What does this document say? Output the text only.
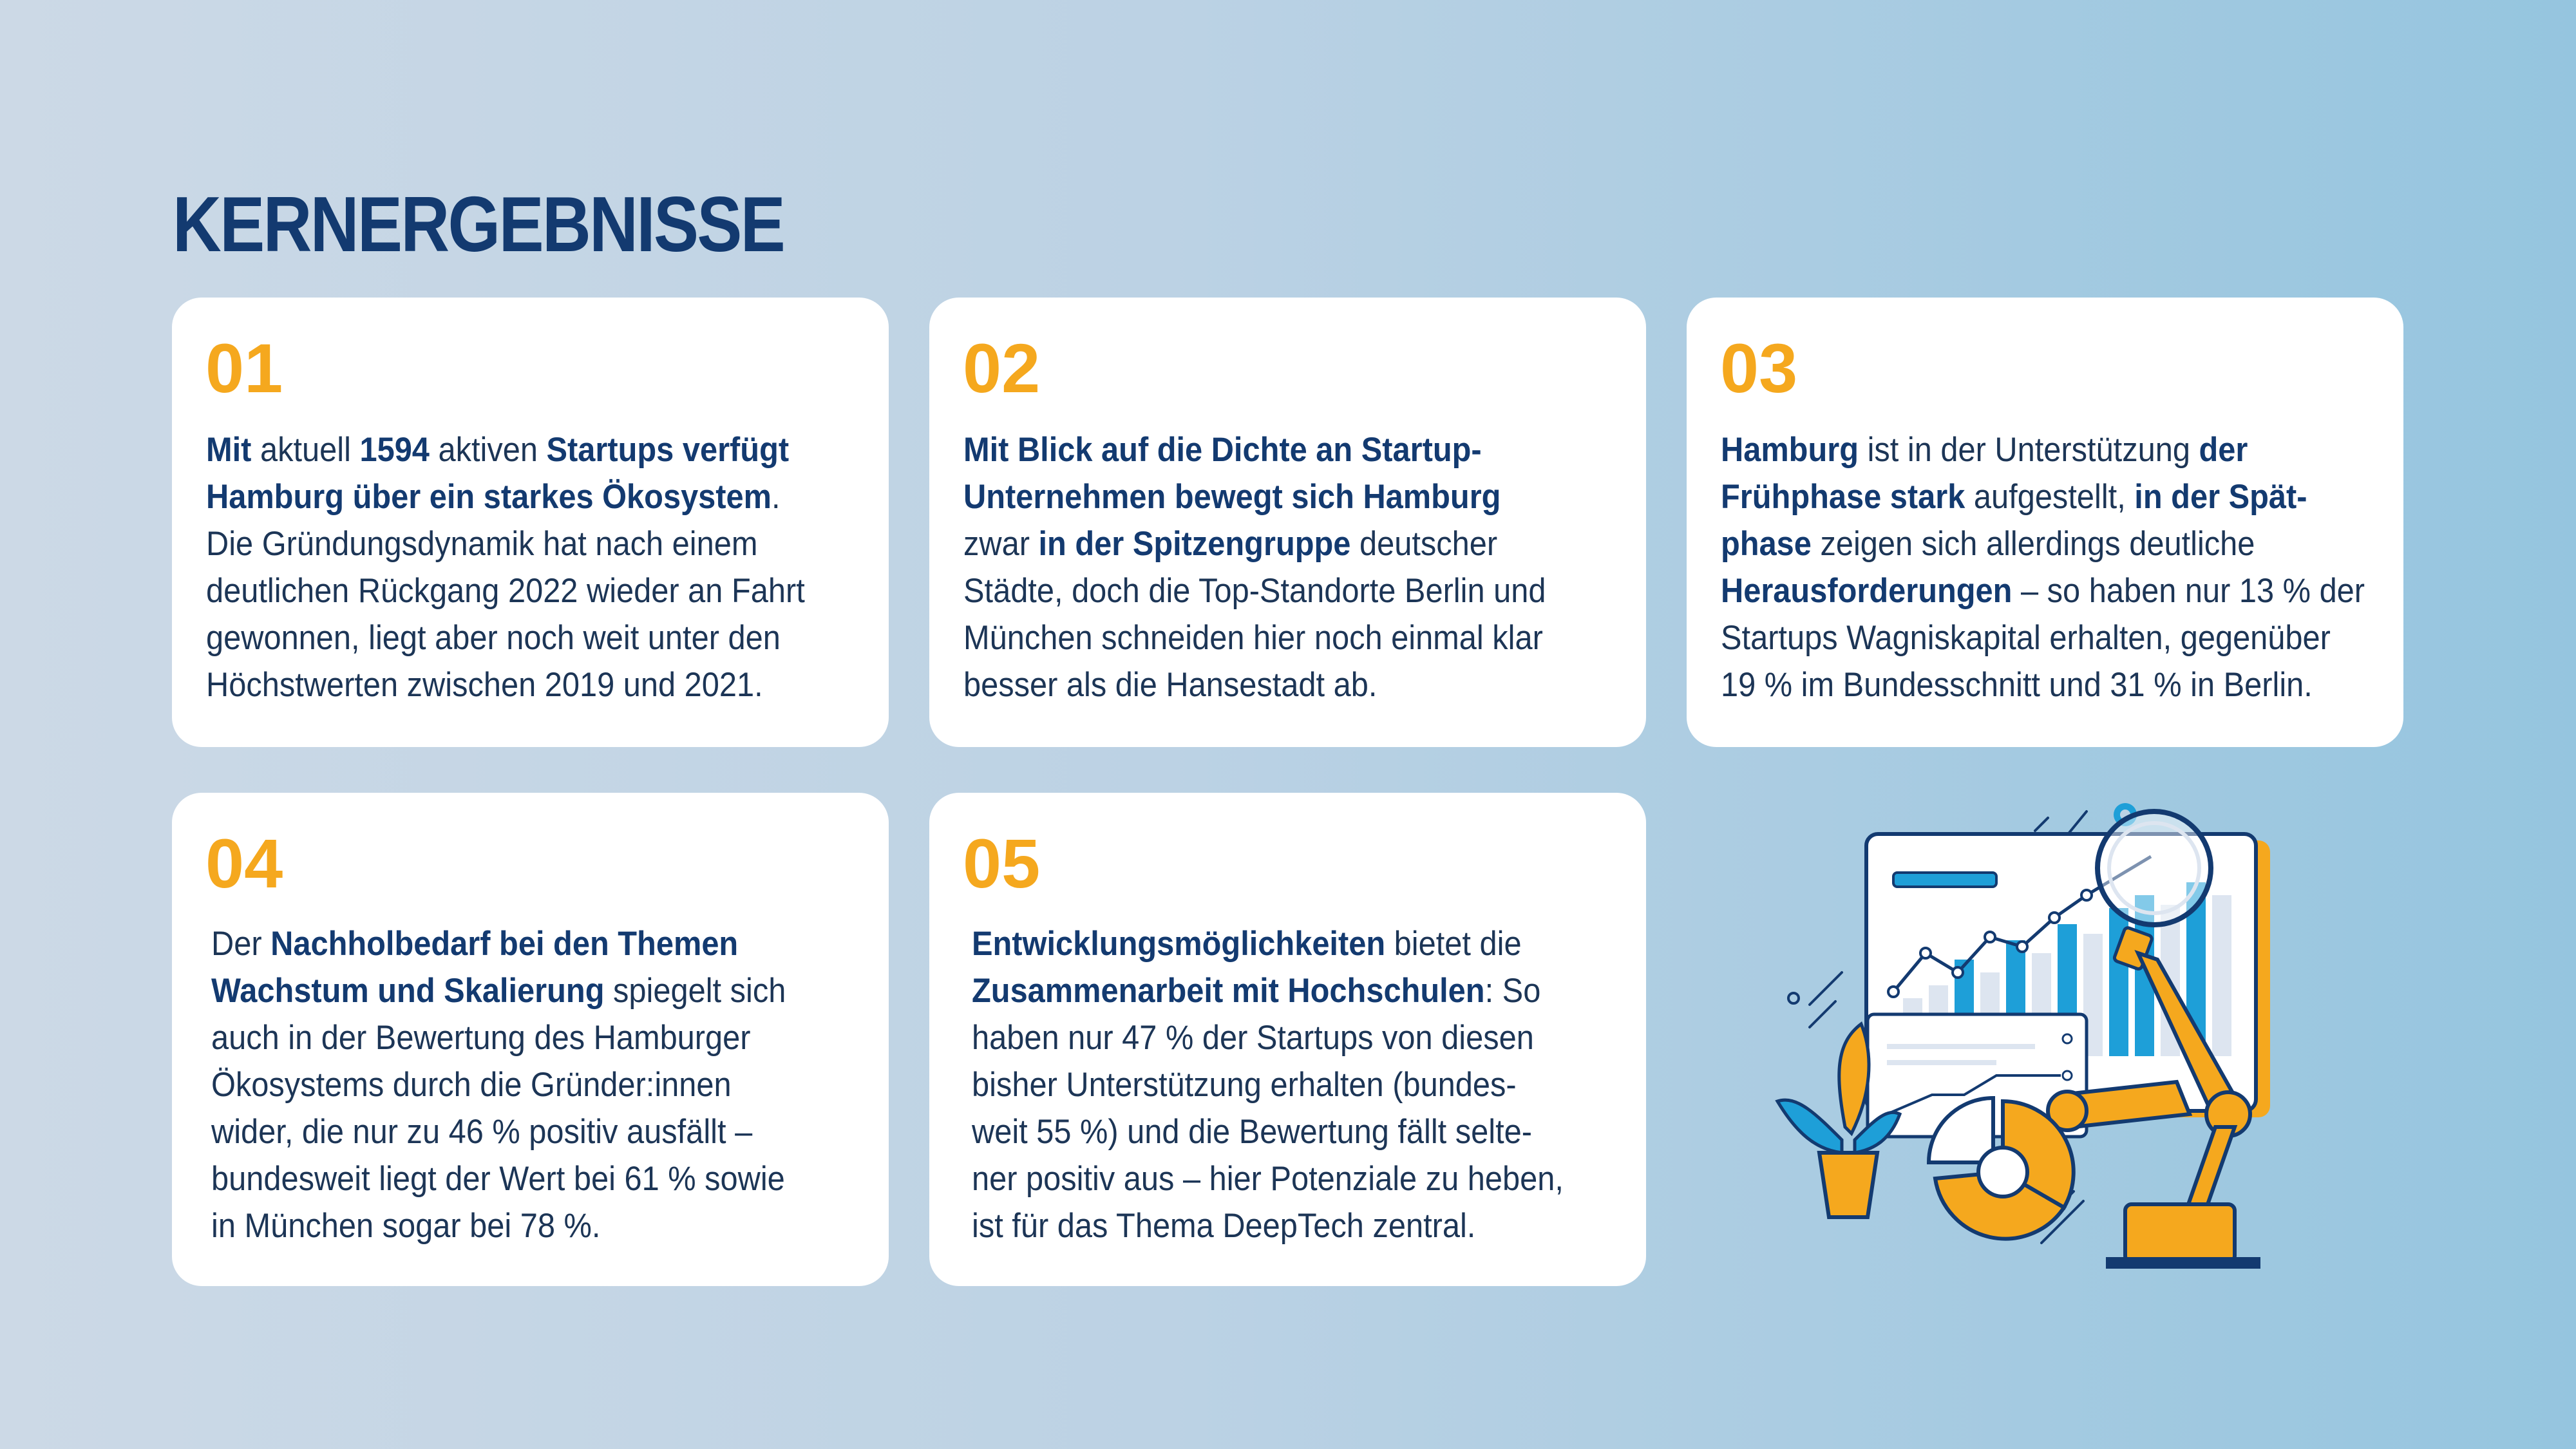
KERNERGEBNISSE
01

Mit aktuell 1594 aktiven Startups verfügt
Hamburg über ein starkes Ökosystem.
Die Gründungsdynamik hat nach einem
deutlichen Rückgang 2022 wieder an Fahrt
gewonnen, liegt aber noch weit unter den
Höchstwerten zwischen 2019 und 2021.

02

Mit Blick auf die Dichte an Startup-
Unternehmen bewegt sich Hamburg
zwar in der Spitzengruppe deutscher
Städte, doch die Top-Standorte Berlin und
München schneiden hier noch einmal klar
besser als die Hansestadt ab.

03

Hamburg ist in der Unterstützung der
Frühphase stark aufgestellt, in der Spät-
phase zeigen sich allerdings deutliche
Herausforderungen – so haben nur 13 % der
Startups Wagniskapital erhalten, gegenüber
19 % im Bundesschnitt und 31 % in Berlin.

04

Der Nachholbedarf bei den Themen
Wachstum und Skalierung spiegelt sich
auch in der Bewertung des Hamburger
Ökosystems durch die Gründer:innen
wider, die nur zu 46 % positiv ausfällt –
bundesweit liegt der Wert bei 61 % sowie
in München sogar bei 78 %.

05

Entwicklungsmöglichkeiten bietet die
Zusammenarbeit mit Hochschulen: So
haben nur 47 % der Startups von diesen
bisher Unterstützung erhalten (bundes-
weit 55 %) und die Bewertung fällt selte-
ner positiv aus – hier Potenziale zu heben,
ist für das Thema DeepTech zentral.
